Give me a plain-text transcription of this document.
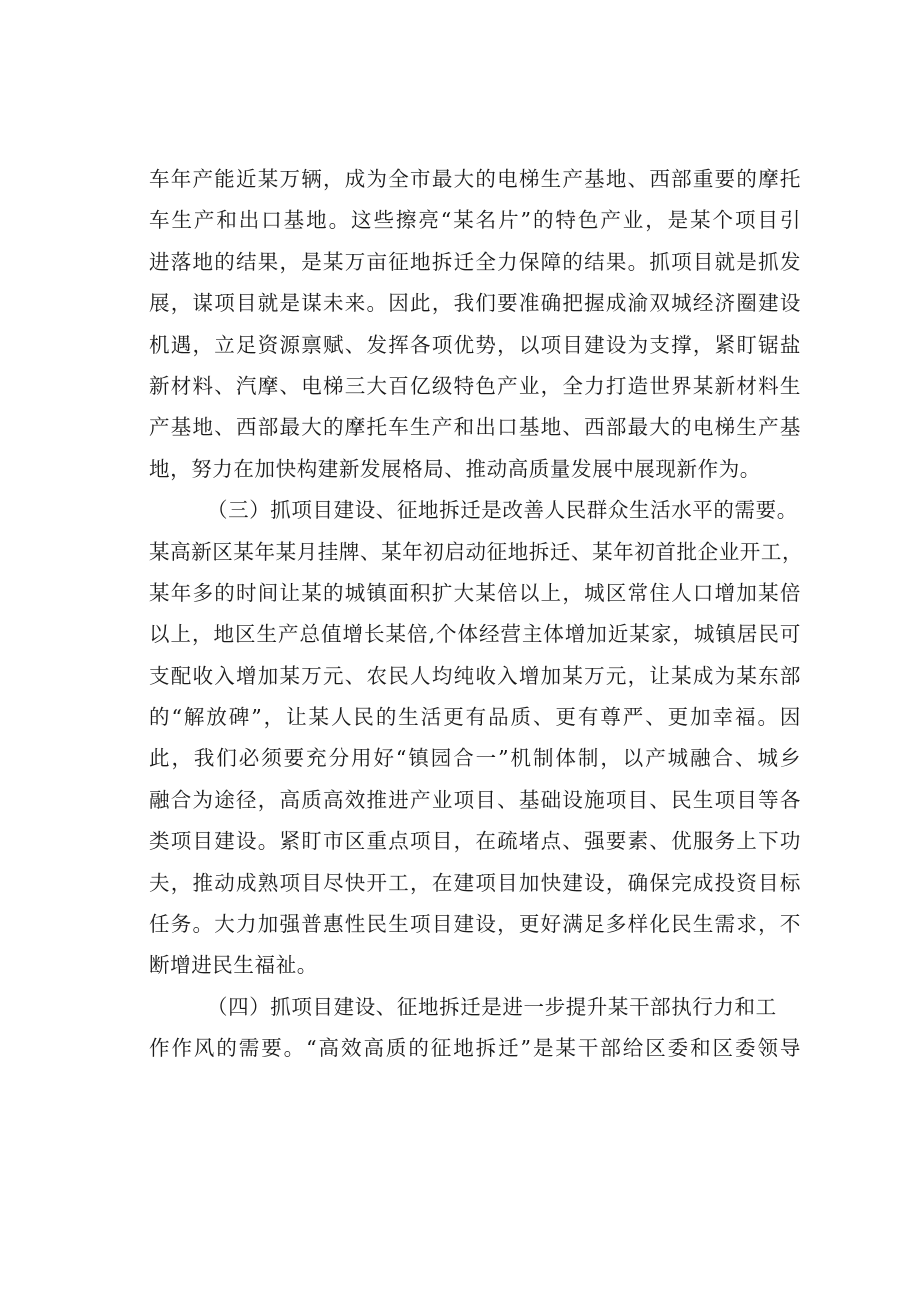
车年产能近某万辆，成为全市最大的电梯生产基地、西部重要的摩托
车生产和出口基地。这些擦亮“某名片”的特色产业，是某个项目引
进落地的结果，是某万亩征地拆迁全力保障的结果。抓项目就是抓发
展，谋项目就是谋未来。因此，我们要准确把握成渝双城经济圈建设
机遇，立足资源禀赋、发挥各项优势，以项目建设为支撑，紧盯锯盐
新材料、汽摩、电梯三大百亿级特色产业，全力打造世界某新材料生
产基地、西部最大的摩托车生产和出口基地、西部最大的电梯生产基
地，努力在加快构建新发展格局、推动高质量发展中展现新作为。
（三）抓项目建设、征地拆迁是改善人民群众生活水平的需要。
某高新区某年某月挂牌、某年初启动征地拆迁、某年初首批企业开工，
某年多的时间让某的城镇面积扩大某倍以上，城区常住人口增加某倍
以上，地区生产总值增长某倍,个体经营主体增加近某家，城镇居民可
支配收入增加某万元、农民人均纯收入增加某万元，让某成为某东部
的“解放碑”，让某人民的生活更有品质、更有尊严、更加幸福。因
此，我们必须要充分用好“镇园合一”机制体制，以产城融合、城乡
融合为途径，高质高效推进产业项目、基础设施项目、民生项目等各
类项目建设。紧盯市区重点项目，在疏堵点、强要素、优服务上下功
夫，推动成熟项目尽快开工，在建项目加快建设，确保完成投资目标
任务。大力加强普惠性民生项目建设，更好满足多样化民生需求，不
断增进民生福祉。
（四）抓项目建设、征地拆迁是进一步提升某干部执行力和工
作作风的需要。“高效高质的征地拆迁”是某干部给区委和区委领导
